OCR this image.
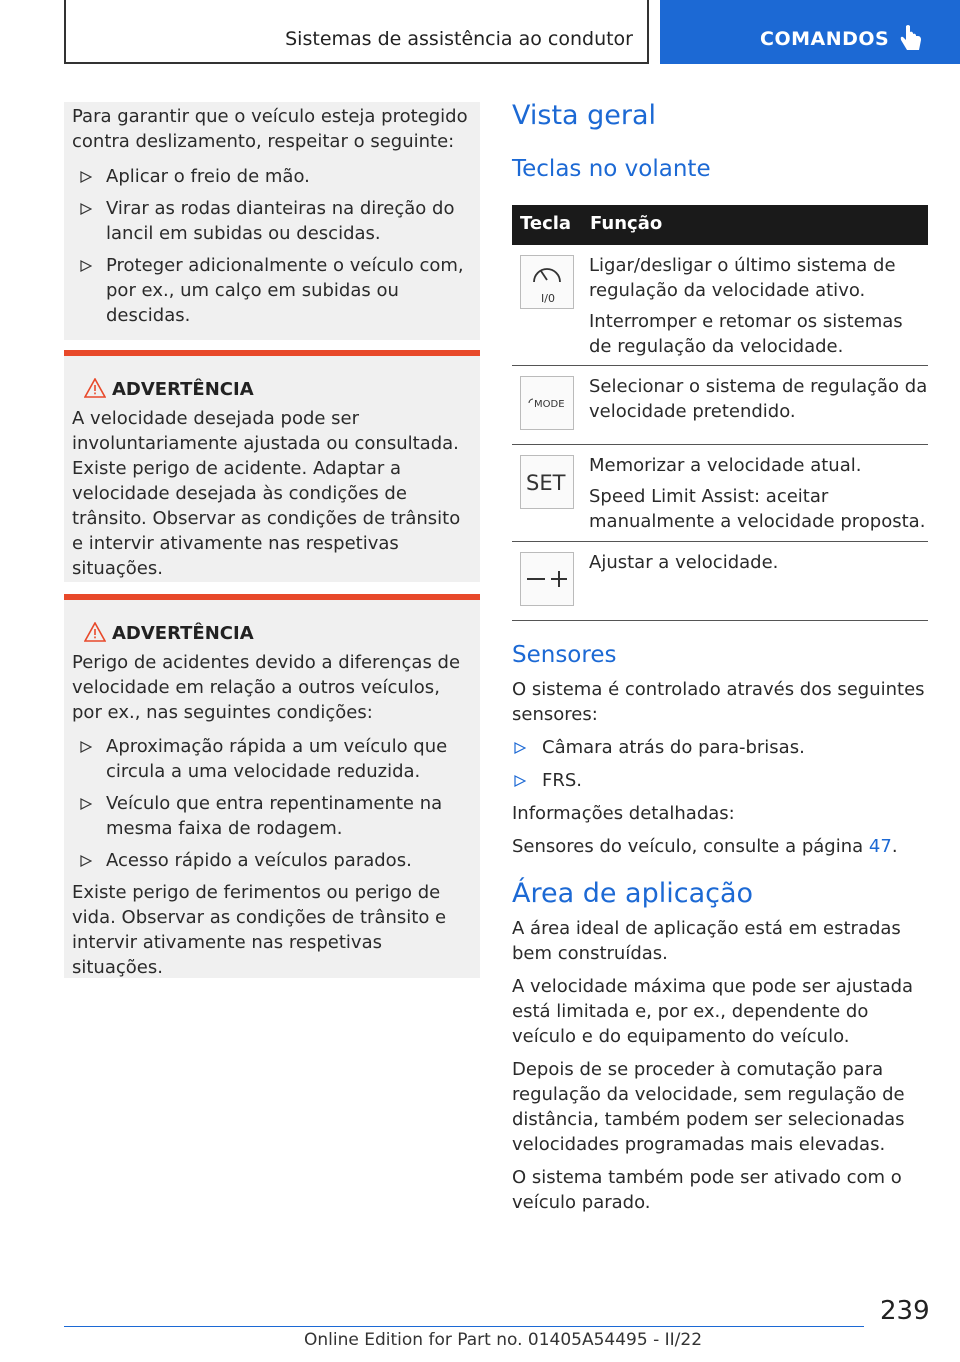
Sistemas de assistência ao condutor	COMANDOS

Para garantir que o veículo esteja protegido contra deslizamento, respeitar o seguinte:

Aplicar o freio de mão.
Virar as rodas dianteiras na direção do lancil em subidas ou descidas.
Proteger adicionalmente o veículo com, por ex., um calço em subidas ou descidas.
ADVERTÊNCIA

A velocidade desejada pode ser involuntariamente ajustada ou consultada. Existe perigo de acidente. Adaptar a velocidade desejada às condições de trânsito. Observar as condições de trânsito e intervir ativamente nas respetivas situações.

ADVERTÊNCIA

Perigo de acidentes devido a diferenças de velocidade em relação a outros veículos, por ex., nas seguintes condições:

Aproximação rápida a um veículo que circula a uma velocidade reduzida.
Veículo que entra repentinamente na mesma faixa de rodagem.
Acesso rápido a veículos parados.

Existe perigo de ferimentos ou perigo de vida. Observar as condições de trânsito e intervir ativamente nas respetivas situações.

Vista geral
Teclas no volante
Tecla Função
I/0

Ligar/desligar o último sistema de regulação da velocidade ativo.

Interromper e retomar os sistemas de regulação da velocidade.

MODE

Selecionar o sistema de regulação da velocidade pretendido.

SET

Memorizar a velocidade atual.

Speed Limit Assist: aceitar manualmente a velocidade proposta.

Ajustar a velocidade.

Sensores

O sistema é controlado através dos seguintes sensores:

Câmara atrás do para-brisas.
FRS.

Informações detalhadas:

Sensores do veículo, consulte a página 47.

Área de aplicação

A área ideal de aplicação está em estradas bem construídas.

A velocidade máxima que pode ser ajustada está limitada e, por ex., dependente do veículo e do equipamento do veículo.

Depois de se proceder à comutação para regulação da velocidade, sem regulação de distância, também podem ser selecionadas velocidades programadas mais elevadas.

O sistema também pode ser ativado com o veículo parado.

239
Online Edition for Part no. 01405A54495 - II/22
